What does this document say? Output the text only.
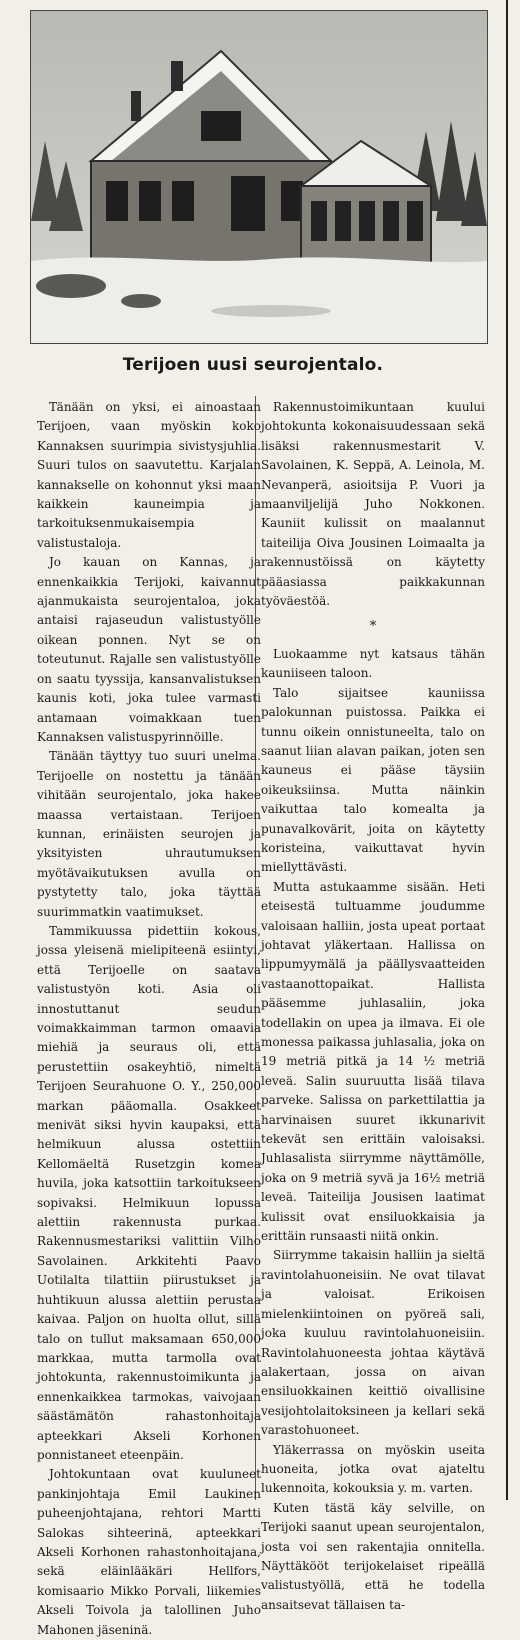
Terijoen uusi seurojentalo.

Tänään on yksi, ei ainoastaan Terijoen, vaan myöskin koko Kannaksen suurimpia sivistysjuhlia. Suuri tulos on saavutettu. Karjalan kannakselle on kohonnut yksi maan kaikkein kauneimpia ja tarkoituksenmukaisempia valistustaloja.

Jo kauan on Kannas, ja ennenkaikkia Terijoki, kaivannut ajanmukaista seurojentaloa, joka antaisi rajaseudun valistustyölle oikean ponnen. Nyt se on toteutunut. Rajalle sen valistustyölle on saatu tyyssija, kansanvalistuksen kaunis koti, joka tulee varmasti antamaan voimakkaan tuen Kannaksen valistuspyrinnöille.

Tänään täyttyy tuo suuri unelma. Terijoelle on nostettu ja tänään vihitään seurojentalo, joka hakee maassa vertaistaan. Terijoen kunnan, erinäisten seurojen ja yksityisten uhrautumuksen myötävaikutuksen avulla on pystytetty talo, joka täyttää suurimmatkin vaatimukset.

Tammikuussa pidettiin kokous, jossa yleisenä mielipiteenä esiintyi, että Terijoelle on saatava valistustyön koti. Asia oli innostuttanut seudun voimakkaimman tarmon omaavia miehiä ja seuraus oli, että perustettiin osakeyhtiö, nimeltä Terijoen Seurahuone O. Y., 250,000 markan pääomalla. Osakkeet menivät siksi hyvin kaupaksi, että helmikuun alussa ostettiin Kellomäeltä Rusetzgin komea huvila, joka katsottiin tarkoitukseen sopivaksi. Helmikuun lopussa alettiin rakennusta purkaa. Rakennusmestariksi valittiin Vilho Savolainen. Arkkitehti Paavo Uotilalta tilattiin piirustukset ja huhtikuun alussa alettiin perustaa kaivaa. Paljon on huolta ollut, sillä talo on tullut maksamaan 650,000 markkaa, mutta tarmolla ovat johtokunta, rakennustoimikunta ja ennenkaikkea tarmokas, vaivojaan säästämätön rahastonhoitaja apteekkari Akseli Korhonen ponnistaneet eteenpäin.

Johtokuntaan ovat kuuluneet pankinjohtaja Emil Laukinen puheenjohtajana, rehtori Martti Salokas sihteerinä, apteekkari Akseli Korhonen rahastonhoitajana, sekä eläinlääkäri Hellfors, komisaario Mikko Porvali, liikemies Akseli Toivola ja talollinen Juho Mahonen jäseninä.

Rakennustoimikuntaan kuului johtokunta kokonaisuudessaan sekä lisäksi rakennusmestarit V. Savolainen, K. Seppä, A. Leinola, M. Nevanperä, asioitsija P. Vuori ja maanviljelijä Juho Nokkonen. Kauniit kulissit on maalannut taiteilija Oiva Jousinen Loimaalta ja rakennustöissä on käytetty pääasiassa paikkakunnan työväestöä.

*

Luokaamme nyt katsaus tähän kauniiseen taloon.

Talo sijaitsee kauniissa palokunnan puistossa. Paikka ei tunnu oikein onnistuneelta, talo on saanut liian alavan paikan, joten sen kauneus ei pääse täysiin oikeuksiinsa. Mutta näinkin vaikuttaa talo komealta ja punavalkovärit, joita on käytetty koristeina, vaikuttavat hyvin miellyttävästi.

Mutta astukaamme sisään. Heti eteisestä tultuamme joudumme valoisaan halliin, josta upeat portaat johtavat yläkertaan. Hallissa on lippumyymälä ja päällysvaatteiden vastaanottopaikat. Hallista pääsemme juhlasaliin, joka todellakin on upea ja ilmava. Ei ole monessa paikassa juhlasalia, joka on 19 metriä pitkä ja 14 ½ metriä leveä. Salin suuruutta lisää tilava parveke. Salissa on parkettilattia ja harvinaisen suuret ikkunarivit tekevät sen erittäin valoisaksi. Juhlasalista siirrymme näyttämölle, joka on 9 metriä syvä ja 16½ metriä leveä. Taiteilija Jousisen laatimat kulissit ovat ensiluokkaisia ja erittäin runsaasti niitä onkin.

Siirrymme takaisin halliin ja sieltä ravintolahuoneisiin. Ne ovat tilavat ja valoisat. Erikoisen mielenkiintoinen on pyöreä sali, joka kuuluu ravintolahuoneisiin. Ravintolahuoneesta johtaa käytävä alakertaan, jossa on aivan ensiluokkainen keittiö oivallisine vesijohtolaitoksineen ja kellari sekä varastohuoneet.

Yläkerrassa on myöskin useita huoneita, jotka ovat ajateltu lukennoita, kokouksia y. m. varten.

Kuten tästä käy selville, on Terijoki saanut upean seurojentalon, josta voi sen rakentajia onnitella. Näyttäkööt terijokelaiset ripeällä valistustyöllä, että he todella ansaitsevat tällaisen ta-
